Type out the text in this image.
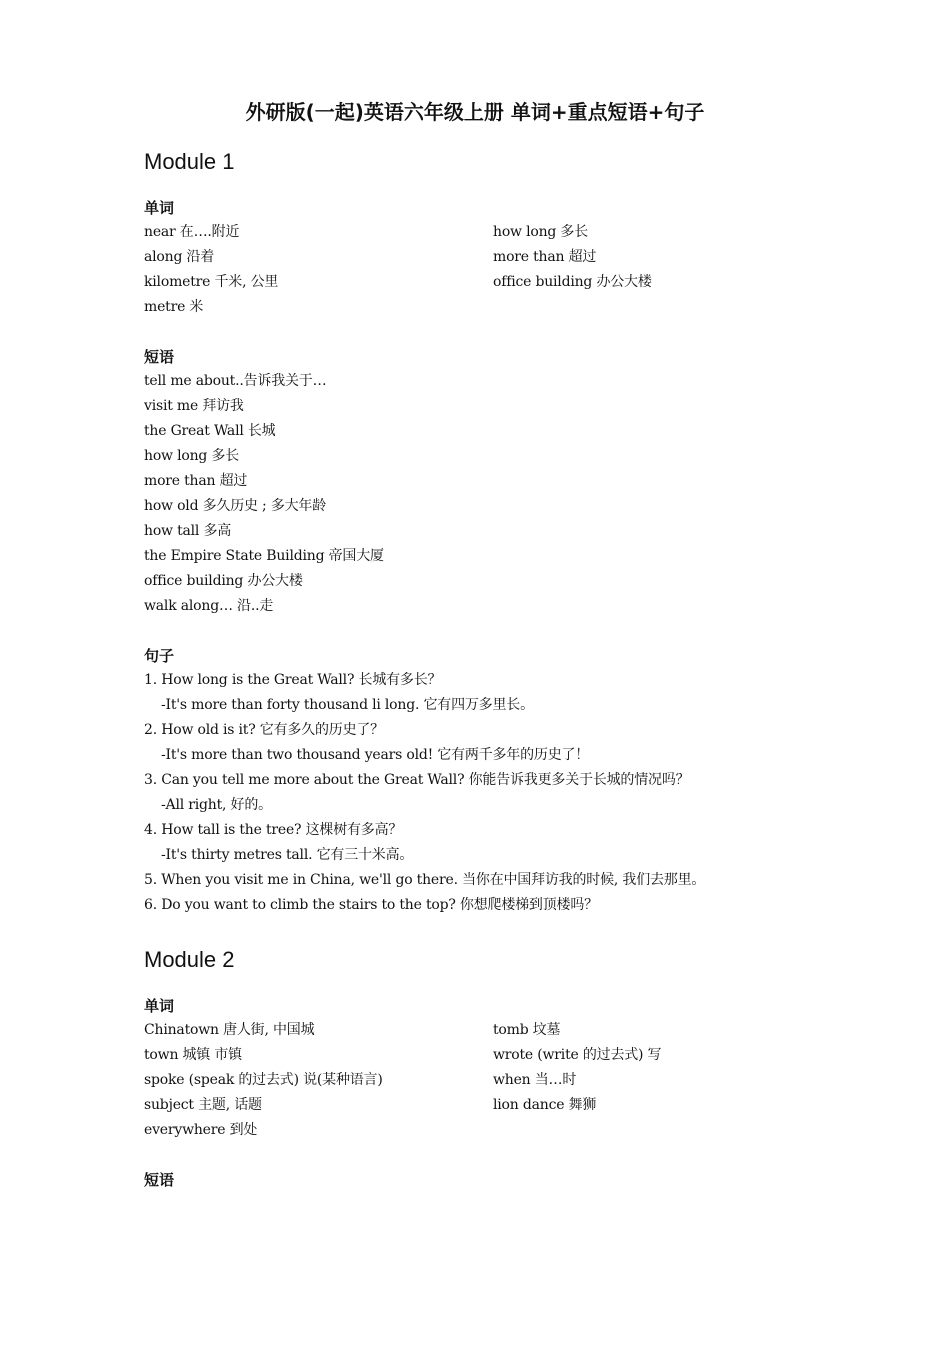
外研版(一起)英语六年级上册 单词+重点短语+句子
Module 1
单词
near 在….附近
along 沿着
kilometre 千米, 公里
metre 米
how long 多长
more than 超过
office building 办公大楼
短语
tell me about..告诉我关于…
visit me 拜访我
the Great Wall 长城
how long 多长
more than 超过
how old 多久历史 ; 多大年龄
how tall 多高
the Empire State Building 帝国大厦
office building 办公大楼
walk along… 沿..走
句子
1. How long is the Great Wall? 长城有多长？
-It's more than forty thousand li long. 它有四万多里长。
2. How old is it? 它有多久的历史了？
-It's more than two thousand years old! 它有两千多年的历史了！
3. Can you tell me more about the Great Wall? 你能告诉我更多关于长城的情况吗？
-All right, 好的。
4. How tall is the tree? 这棵树有多高？
-It's thirty metres tall. 它有三十米高。
5. When you visit me in China, we'll go there. 当你在中国拜访我的时候, 我们去那里。
6. Do you want to climb the stairs to the top? 你想爬楼梯到顶楼吗？
Module 2
单词
Chinatown 唐人街, 中国城
town 城镇 市镇
spoke (speak 的过去式) 说(某种语言)
subject 主题, 话题
everywhere 到处
tomb 坟墓
wrote (write 的过去式) 写
when 当…时
lion dance 舞狮
短语
